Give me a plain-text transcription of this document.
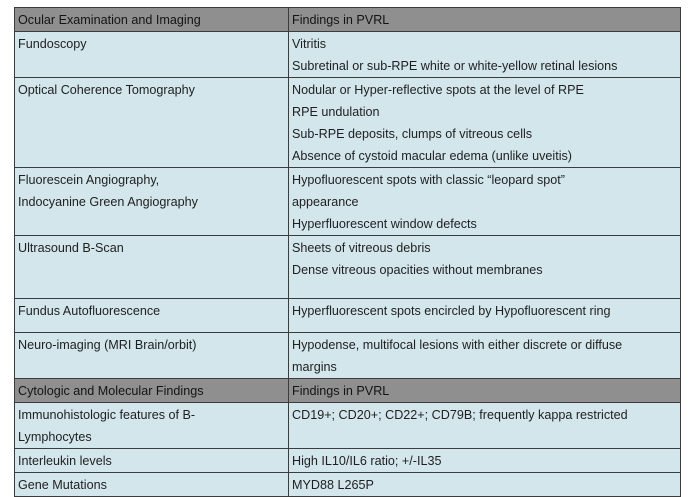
Ocular Examination and Imaging	Findings in PVRL

Fundoscopy	Vitritis
Subretinal or sub-RPE white or white-yellow retinal lesions

Optical Coherence Tomography	Nodular or Hyper-reflective spots at the level of RPE
RPE undulation
Sub-RPE deposits, clumps of vitreous cells
Absence of cystoid macular edema (unlike uveitis)

Fluorescein Angiography,
Indocyanine Green Angiography	Hypofluorescent spots with classic “leopard spot”
appearance
Hyperfluorescent window defects

Ultrasound B-Scan	Sheets of vitreous debris
Dense vitreous opacities without membranes

Fundus Autofluorescence	Hyperfluorescent spots encircled by Hypofluorescent ring

Neuro-imaging (MRI Brain/orbit)	Hypodense, multifocal lesions with either discrete or diffuse
margins

Cytologic and Molecular Findings	Findings in PVRL

Immunohistologic features of B-
Lymphocytes	CD19+; CD20+; CD22+; CD79B; frequently kappa restricted

Interleukin levels	High IL10/IL6 ratio; +/-IL35

Gene Mutations	MYD88 L265P
